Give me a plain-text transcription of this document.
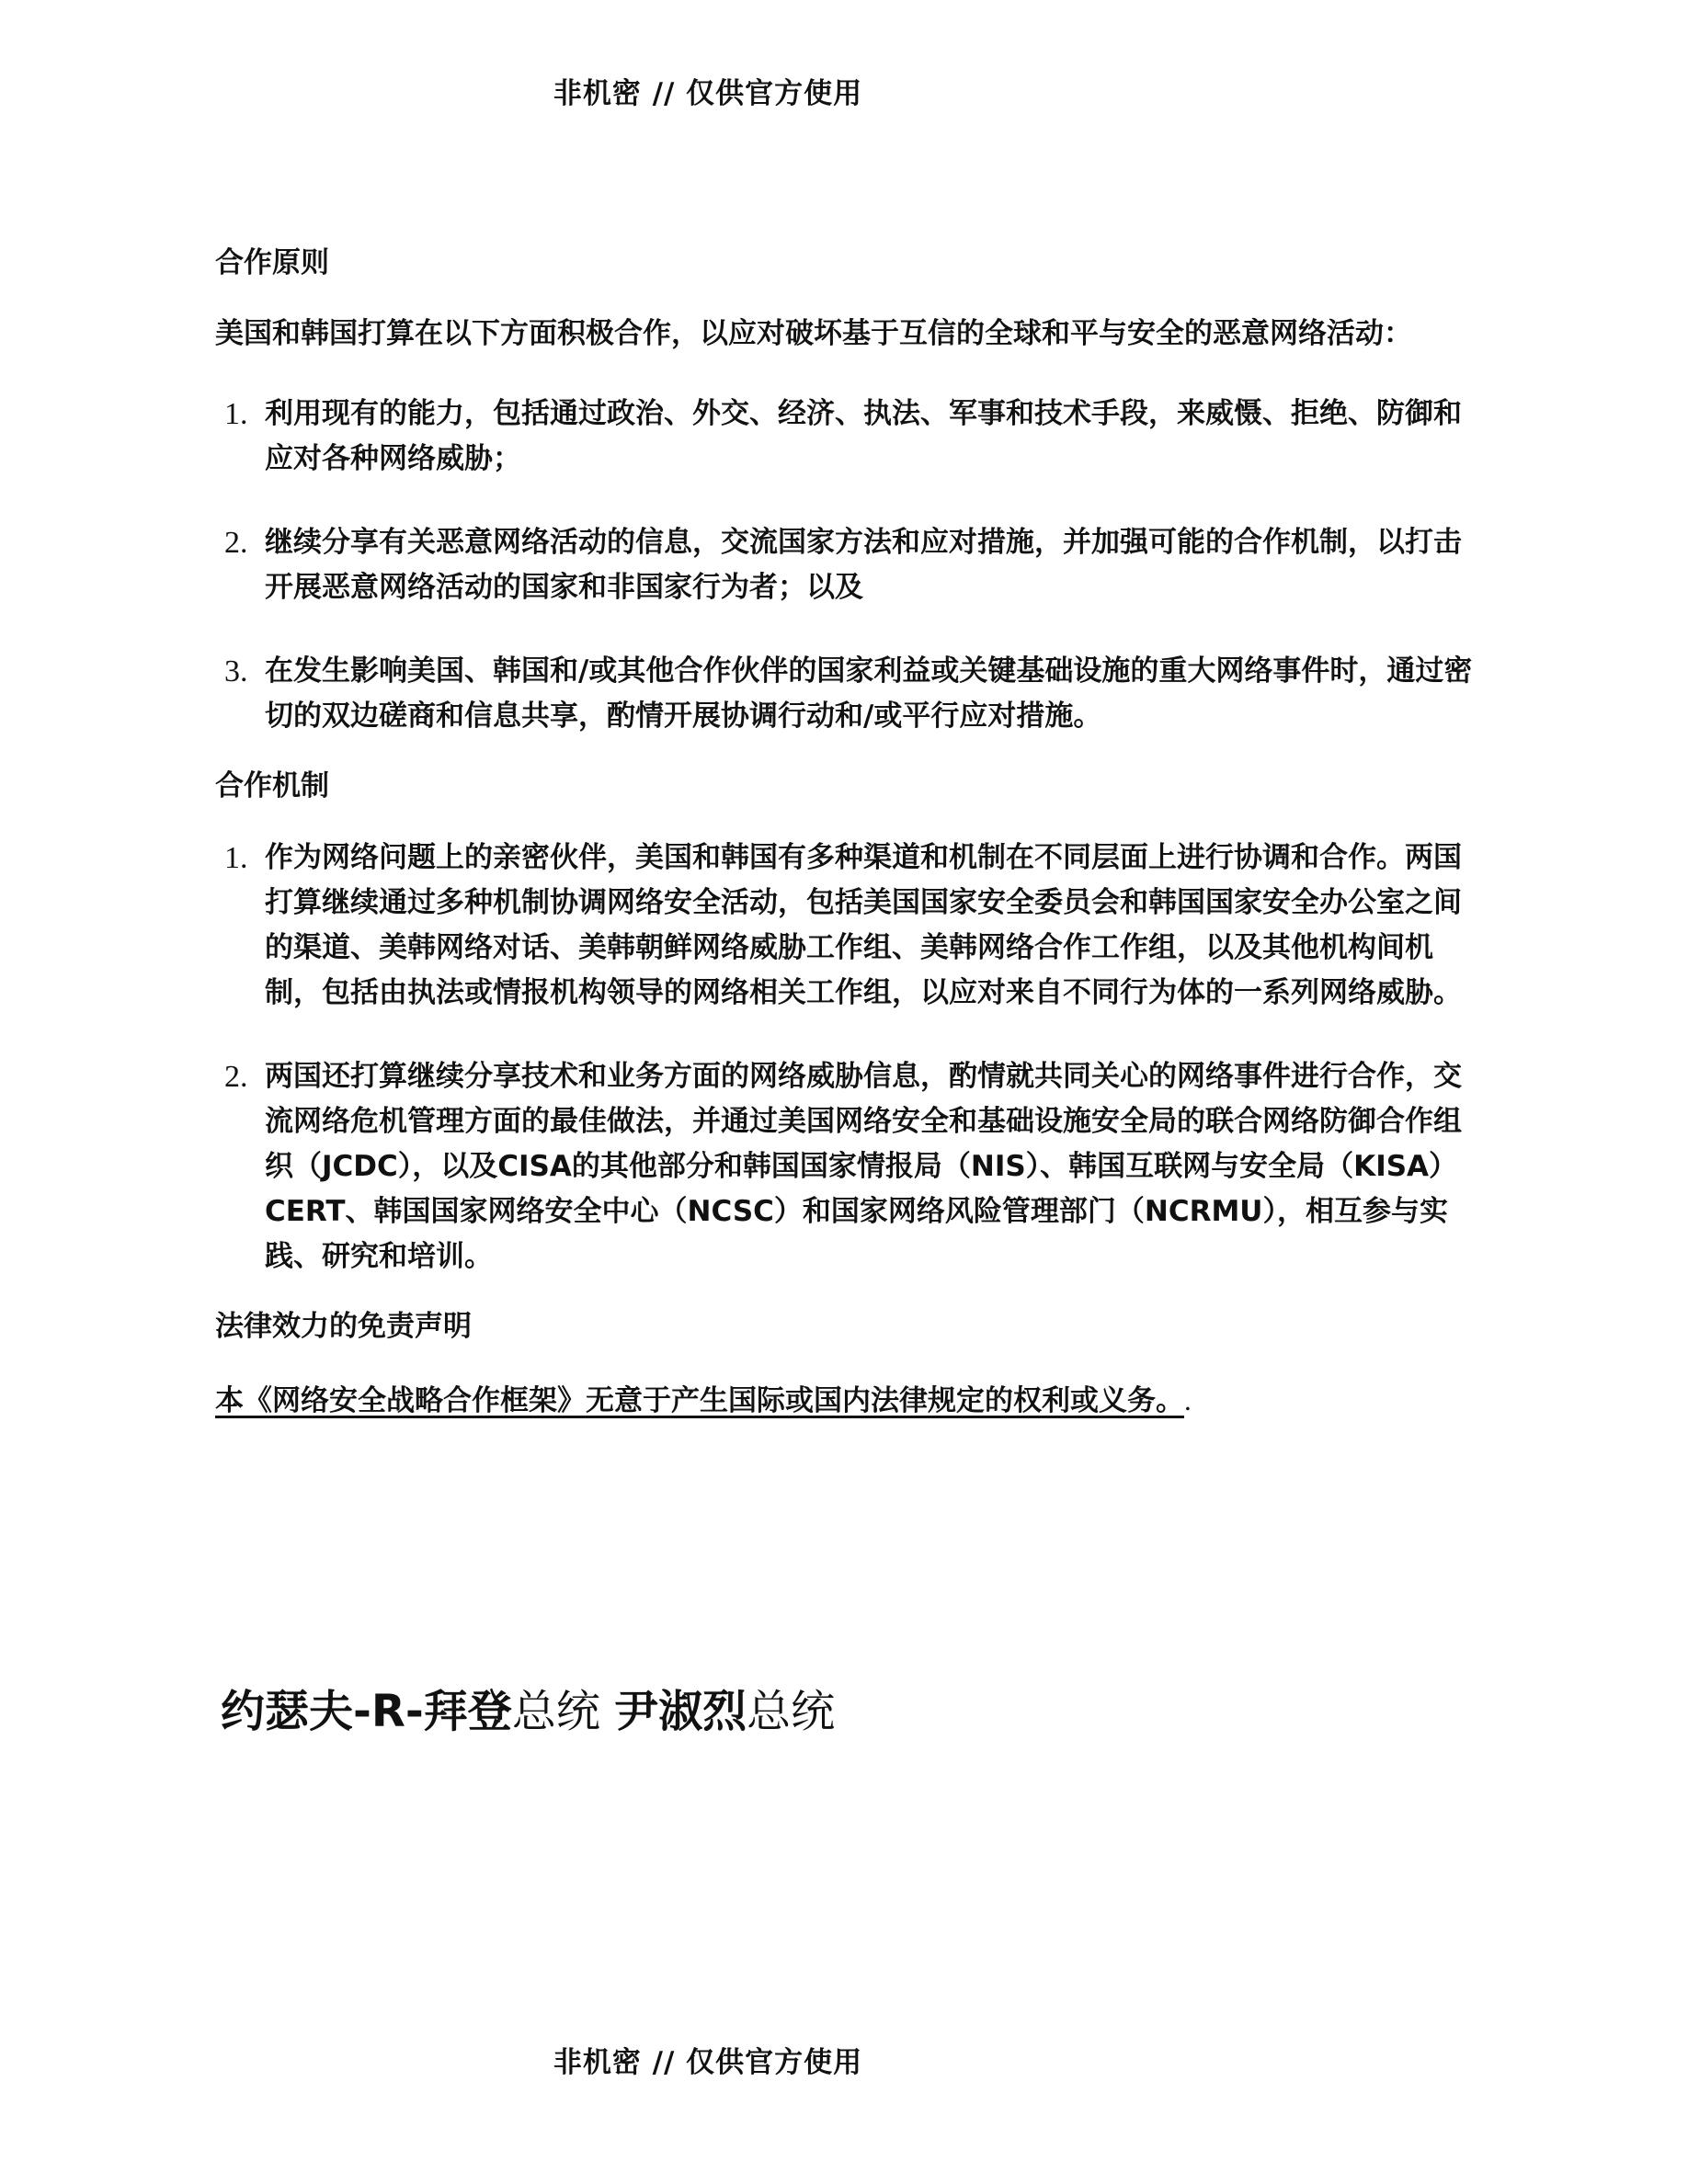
非机密 // 仅供官方使用
合作原则

美国和韩国打算在以下方面积极合作，以应对破坏基于互信的全球和平与安全的恶意网络活动：

1. 利用现有的能力，包括通过政治、外交、经济、执法、军事和技术手段，来威慑、拒绝、防御和应对各种网络威胁；
2. 继续分享有关恶意网络活动的信息，交流国家方法和应对措施，并加强可能的合作机制，以打击开展恶意网络活动的国家和非国家行为者；以及
3. 在发生影响美国、韩国和/或其他合作伙伴的国家利益或关键基础设施的重大网络事件时，通过密切的双边磋商和信息共享，酌情开展协调行动和/或平行应对措施。
合作机制
1. 作为网络问题上的亲密伙伴，美国和韩国有多种渠道和机制在不同层面上进行协调和合作。两国打算继续通过多种机制协调网络安全活动，包括美国国家安全委员会和韩国国家安全办公室之间的渠道、美韩网络对话、美韩朝鲜网络威胁工作组、美韩网络合作工作组，以及其他机构间机制，包括由执法或情报机构领导的网络相关工作组，以应对来自不同行为体的一系列网络威胁。
2. 两国还打算继续分享技术和业务方面的网络威胁信息，酌情就共同关心的网络事件进行合作，交流网络危机管理方面的最佳做法，并通过美国网络安全和基础设施安全局的联合网络防御合作组织（JCDC），以及CISA的其他部分和韩国国家情报局（NIS）、韩国互联网与安全局（KISA）CERT、韩国国家网络安全中心（NCSC）和国家网络风险管理部门（NCRMU），相互参与实践、研究和培训。
法律效力的免责声明

本《网络安全战略合作框架》无意于产生国际或国内法律规定的权利或义务。.

约瑟夫-R-拜登总统 尹淑烈总统
非机密 // 仅供官方使用
